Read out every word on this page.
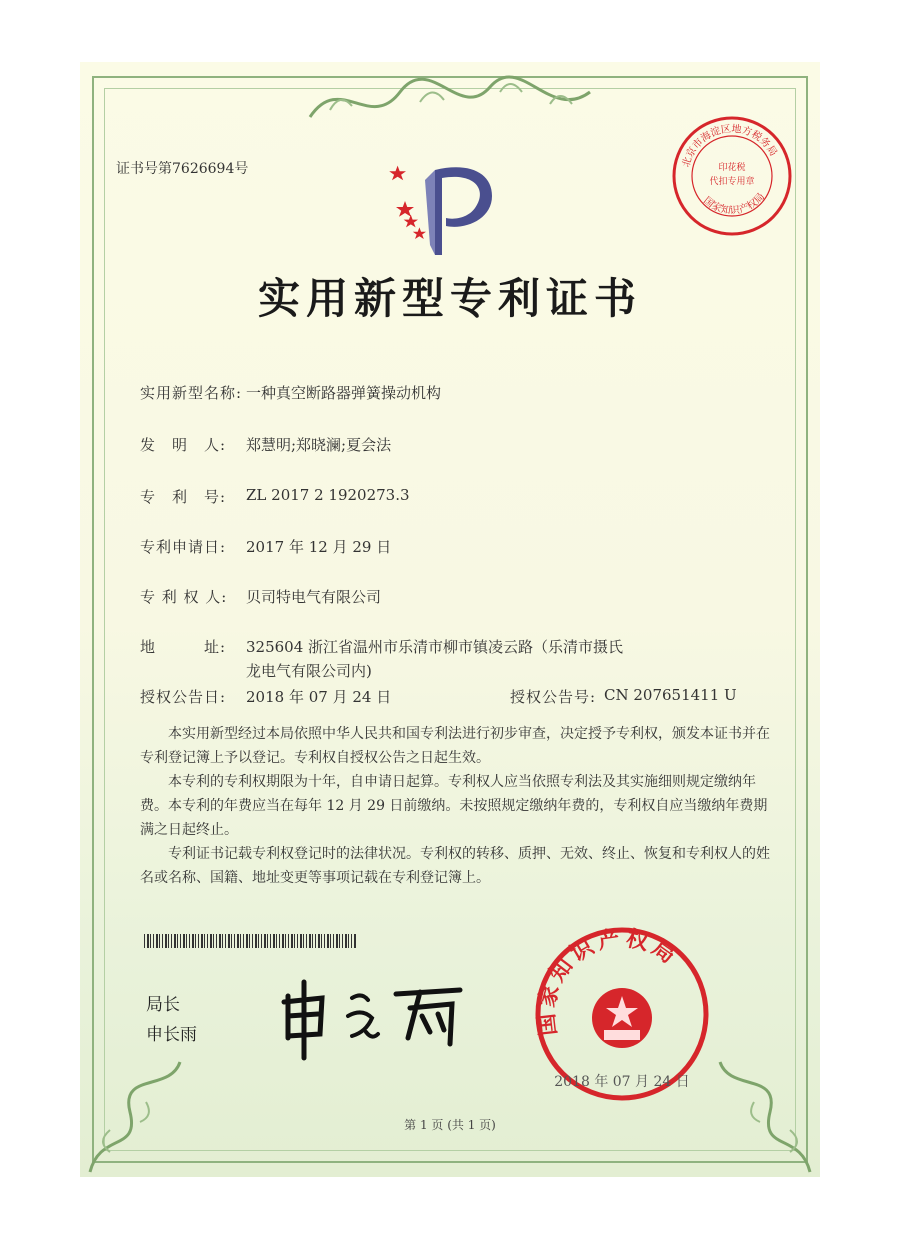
证书号第7626694号	北京市海淀区地方税务局
国家知识产权局
印花税
代扣专用章
实用新型专利证书
实用新型名称: 一种真空断路器弹簧操动机构
发　明　人: 郑慧明;郑晓澜;夏会法
专　利　号: ZL 2017 2 1920273.3
专利申请日: 2017 年 12 月 29 日
专 利 权 人: 贝司特电气有限公司
地　　　址: 325604 浙江省温州市乐清市柳市镇凌云路（乐清市摄氏
龙电气有限公司内)
授权公告日: 2018 年 07 月 24 日	授权公告号: CN 207651411 U
本实用新型经过本局依照中华人民共和国专利法进行初步审查，决定授予专利权，颁发本证书并在专利登记簿上予以登记。专利权自授权公告之日起生效。
本专利的专利权期限为十年，自申请日起算。专利权人应当依照专利法及其实施细则规定缴纳年费。本专利的年费应当在每年 12 月 29 日前缴纳。未按照规定缴纳年费的，专利权自应当缴纳年费期满之日起终止。
专利证书记载专利权登记时的法律状况。专利权的转移、质押、无效、终止、恢复和专利权人的姓名或名称、国籍、地址变更等事项记载在专利登记簿上。
局长
申长雨	国家知识产权局
2018 年 07 月 24 日
第 1 页 (共 1 页)
